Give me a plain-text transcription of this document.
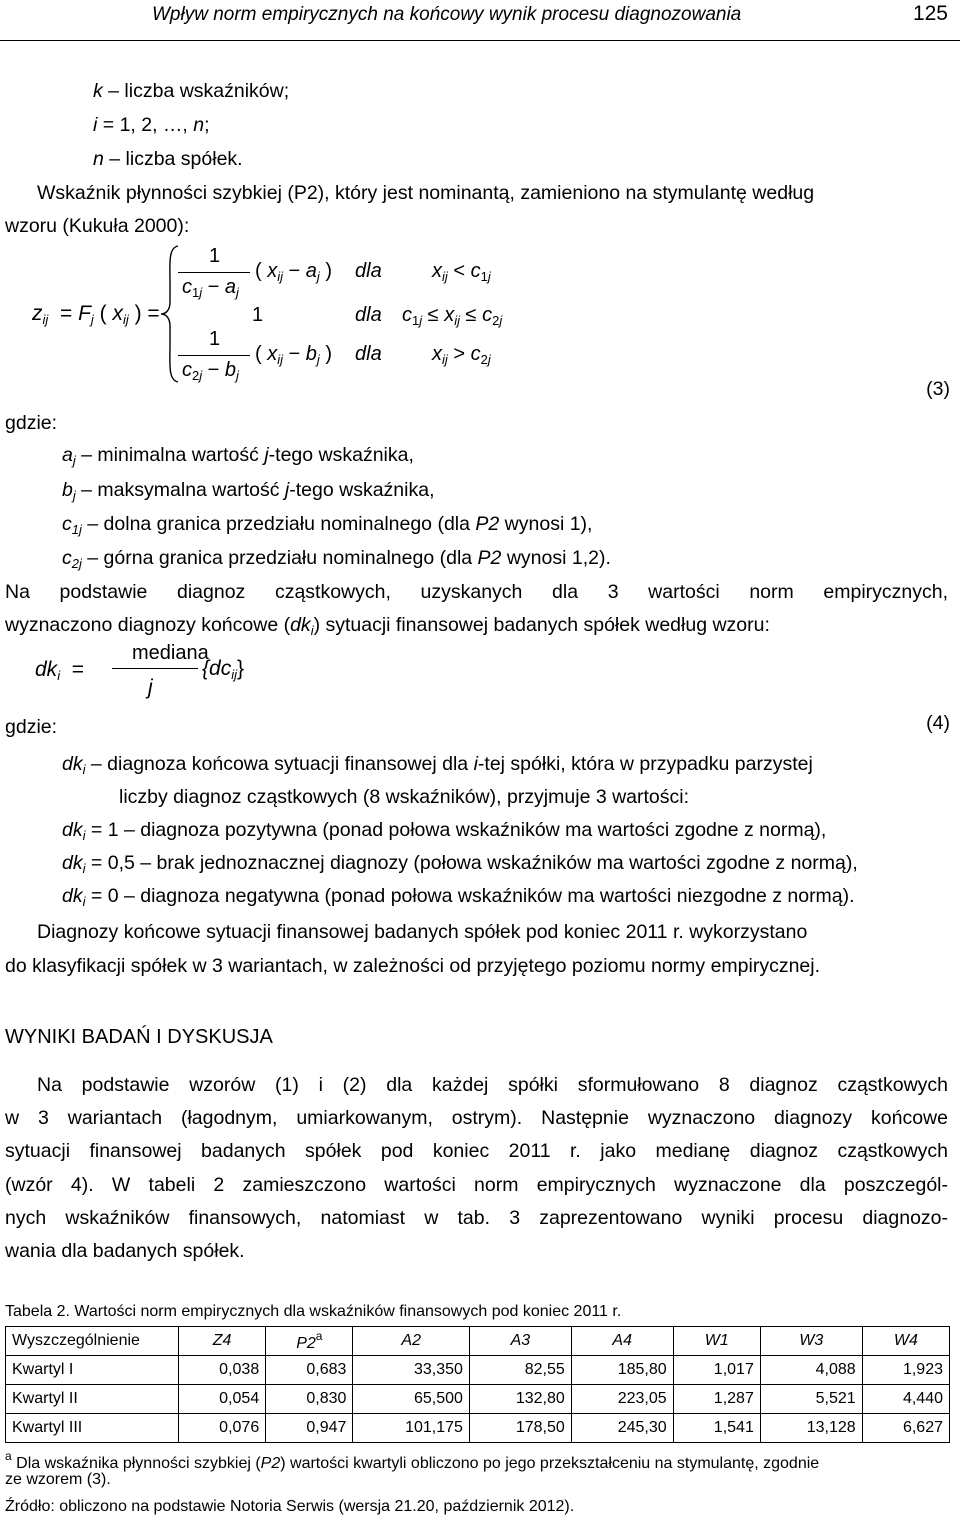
Wpływ norm empirycznych na końcowy wynik procesu diagnozowania	125
k – liczba wskaźników;
i = 1, 2, …, n;
n – liczba spółek.
Wskaźnik płynności szybkiej (P2), który jest nominantą, zamieniono na stymulantę według
wzoru (Kukuła 2000):
$z_{ij} = F_j$ ( $x_{ij}$ ) =
1
$c_{1j} - a_j$
( $x_{ij} - a_j$ ) dla	$x_{ij} < c_{1j}$
1	dla $c_{1j} \le x_{ij} \le c_{2j}$
1
$c_{2j} - b_j$
( $x_{ij} - b_j$ ) dla	$x_{ij} > c_{2j}$
(3)
gdzie:
$a_j$ – minimalna wartość j-tego wskaźnika,
$b_j$ – maksymalna wartość j-tego wskaźnika,
$c_{1j}$ – dolna granica przedziału nominalnego (dla P2 wynosi 1),
$c_{2j}$ – górna granica przedziału nominalnego (dla P2 wynosi 1,2).
Na podstawie diagnoz cząstkowych, uzyskanych dla 3 wartości norm empirycznych,
wyznaczono diagnozy końcowe $(dk_i)$ sytuacji finansowej badanych spółek według wzoru:
$dk_i$  =
mediana
j
$\{dc_{ij}\}$
(4)
gdzie:
$dk_i$ – diagnoza końcowa sytuacji finansowej dla i-tej spółki, która w przypadku parzystej
liczby diagnoz cząstkowych (8 wskaźników), przyjmuje 3 wartości:
$dk_i = 1$ – diagnoza pozytywna (ponad połowa wskaźników ma wartości zgodne z normą),
$dk_i = 0,5$ – brak jednoznacznej diagnozy (połowa wskaźników ma wartości zgodne z normą),
$dk_i = 0$ – diagnoza negatywna (ponad połowa wskaźników ma wartości niezgodne z normą).
Diagnozy końcowe sytuacji finansowej badanych spółek pod koniec 2011 r. wykorzystano
do klasyfikacji spółek w 3 wariantach, w zależności od przyjętego poziomu normy empirycznej.
WYNIKI BADAŃ I DYSKUSJA
Na podstawie wzorów (1) i (2) dla każdej spółki sformułowano 8 diagnoz cząstkowych
w 3 wariantach (łagodnym, umiarkowanym, ostrym). Następnie wyznaczono diagnozy końcowe
sytuacji finansowej badanych spółek pod koniec 2011 r. jako medianę diagnoz cząstkowych
(wzór 4). W tabeli 2 zamieszczono wartości norm empirycznych wyznaczone dla poszczegól-
nych wskaźników finansowych, natomiast w tab. 3 zaprezentowano wyniki procesu diagnozo-
wania dla badanych spółek.
Tabela 2. Wartości norm empirycznych dla wskaźników finansowych pod koniec 2011 r.
Wyszczególnienie	Z4	P2$^a$	A2	A3	A4	W1	W3	W4
Kwartyl I	0,038	0,683	33,350	82,55	185,80	1,017	4,088	1,923
Kwartyl II	0,054	0,830	65,500	132,80	223,05	1,287	5,521	4,440
Kwartyl III	0,076	0,947	101,175	178,50	245,30	1,541	13,128	6,627
$^a$ Dla wskaźnika płynności szybkiej (P2) wartości kwartyli obliczono po jego przekształceniu na stymulantę, zgodnie
ze wzorem (3).
Źródło: obliczono na podstawie Notoria Serwis (wersja 21.20, październik 2012).
